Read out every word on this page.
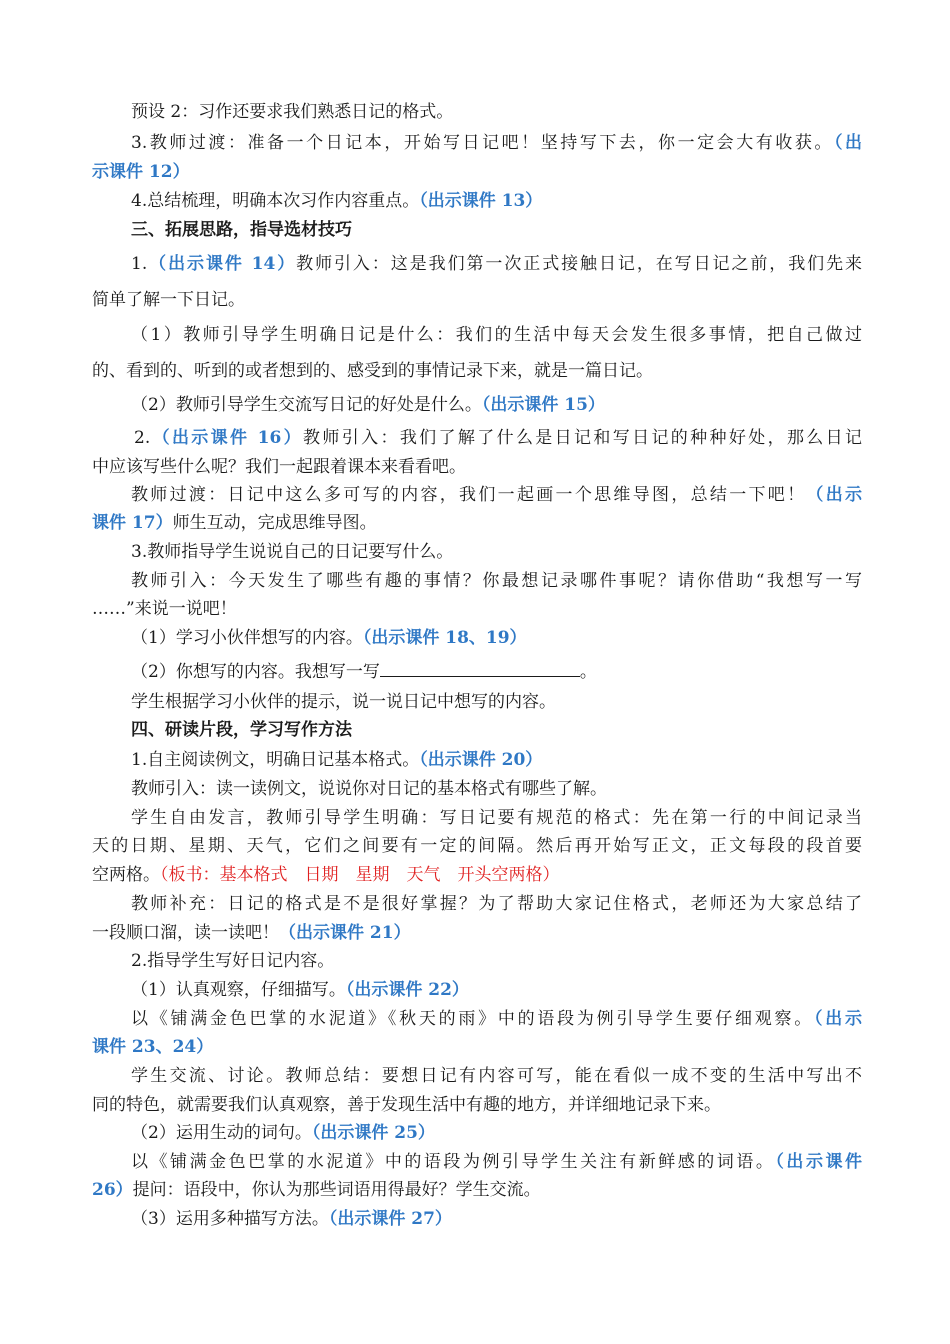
预设 2：习作还要求我们熟悉日记的格式。
3.教师过渡：准备一个日记本，开始写日记吧！坚持写下去，你一定会大有收获。（出
示课件 12）
4.总结梳理，明确本次习作内容重点。（出示课件 13）
三、拓展思路，指导选材技巧
1.（出示课件 14）教师引入：这是我们第一次正式接触日记，在写日记之前，我们先来
简单了解一下日记。
（1）教师引导学生明确日记是什么：我们的生活中每天会发生很多事情，把自己做过
的、看到的、听到的或者想到的、感受到的事情记录下来，就是一篇日记。
（2）教师引导学生交流写日记的好处是什么。（出示课件 15）
2.（出示课件 16）教师引入：我们了解了什么是日记和写日记的种种好处，那么日记
中应该写些什么呢？我们一起跟着课本来看看吧。
教师过渡：日记中这么多可写的内容，我们一起画一个思维导图，总结一下吧！（出示
课件 17）师生互动，完成思维导图。
3.教师指导学生说说自己的日记要写什么。
教师引入：今天发生了哪些有趣的事情？你最想记录哪件事呢？请你借助“我想写一写
……”来说一说吧！
（1）学习小伙伴想写的内容。（出示课件 18、19）
（2）你想写的内容。我想写一写	。
学生根据学习小伙伴的提示，说一说日记中想写的内容。
四、研读片段，学习写作方法
1.自主阅读例文，明确日记基本格式。（出示课件 20）
教师引入：读一读例文，说说你对日记的基本格式有哪些了解。
学生自由发言，教师引导学生明确：写日记要有规范的格式：先在第一行的中间记录当
天的日期、星期、天气，它们之间要有一定的间隔。然后再开始写正文，正文每段的段首要
空两格。（板书：基本格式　日期　星期　天气　开头空两格）
教师补充：日记的格式是不是很好掌握？为了帮助大家记住格式，老师还为大家总结了
一段顺口溜，读一读吧！（出示课件 21）
2.指导学生写好日记内容。
（1）认真观察，仔细描写。（出示课件 22）
以《铺满金色巴掌的水泥道》《秋天的雨》中的语段为例引导学生要仔细观察。（出示
课件 23、24）
学生交流、讨论。教师总结：要想日记有内容可写，能在看似一成不变的生活中写出不
同的特色，就需要我们认真观察，善于发现生活中有趣的地方，并详细地记录下来。
（2）运用生动的词句。（出示课件 25）
以《铺满金色巴掌的水泥道》中的语段为例引导学生关注有新鲜感的词语。（出示课件
26）提问：语段中，你认为那些词语用得最好？学生交流。
（3）运用多种描写方法。（出示课件 27）
